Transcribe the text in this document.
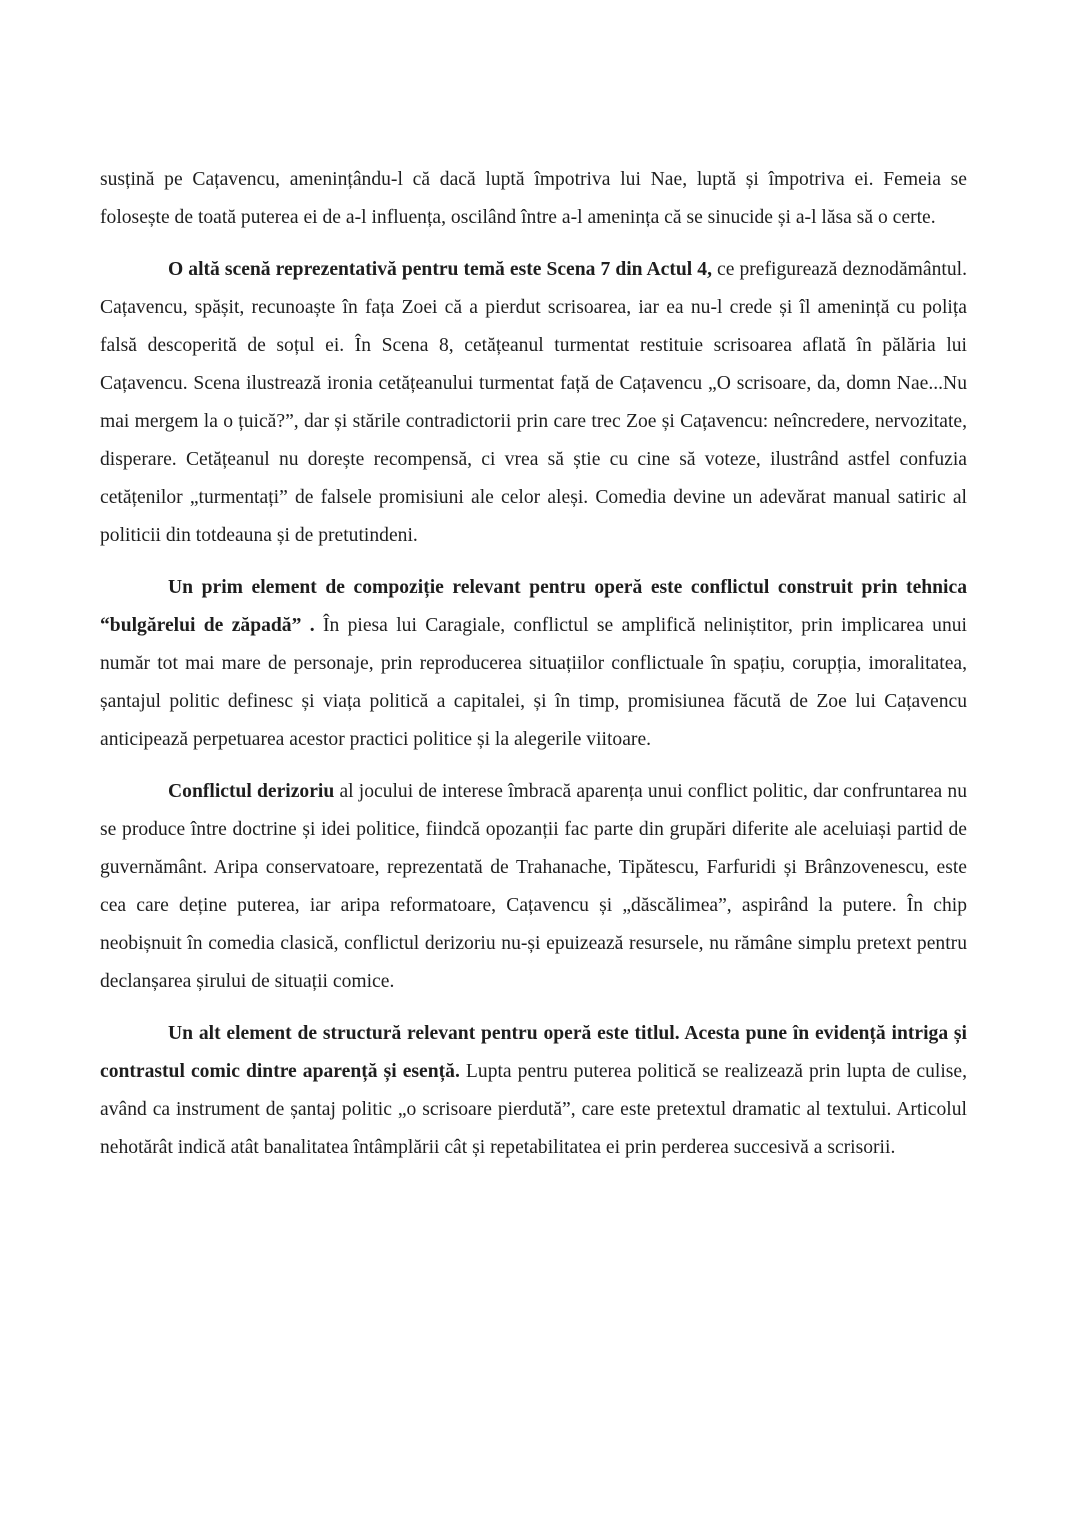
susțină pe Cațavencu, amenințându-l că dacă luptă împotriva lui Nae, luptă și împotriva ei. Femeia se folosește de toată puterea ei de a-l influența, oscilând între a-l amenința că se sinucide și a-l lăsa să o certe.

O altă scenă reprezentativă pentru temă este Scena 7 din Actul 4, ce prefigurează deznodământul. Cațavencu, spășit, recunoaște în fața Zoei că a pierdut scrisoarea, iar ea nu-l crede și îl amenință cu polița falsă descoperită de soțul ei. În Scena 8, cetățeanul turmentat restituie scrisoarea aflată în pălăria lui Cațavencu. Scena ilustrează ironia cetățeanului turmentat față de Cațavencu „O scrisoare, da, domn Nae...Nu mai mergem la o țuică?”, dar și stările contradictorii prin care trec Zoe și Cațavencu: neîncredere, nervozitate, disperare. Cetățeanul nu dorește recompensă, ci vrea să știe cu cine să voteze, ilustrând astfel confuzia cetățenilor „turmentați” de falsele promisiuni ale celor aleși. Comedia devine un adevărat manual satiric al politicii din totdeauna și de pretutindeni.

Un prim element de compoziție relevant pentru operă este conflictul construit prin tehnica “bulgărelui de zăpadă” . În piesa lui Caragiale, conflictul se amplifică neliniștitor, prin implicarea unui număr tot mai mare de personaje, prin reproducerea situațiilor conflictuale în spațiu, corupția, imoralitatea, șantajul politic definesc și viața politică a capitalei, și în timp, promisiunea făcută de Zoe lui Cațavencu anticipează perpetuarea acestor practici politice și la alegerile viitoare.

Conflictul derizoriu al jocului de interese îmbracă aparența unui conflict politic, dar confruntarea nu se produce între doctrine și idei politice, fiindcă opozanții fac parte din grupări diferite ale aceluiași partid de guvernământ. Aripa conservatoare, reprezentată de Trahanache, Tipătescu, Farfuridi și Brânzovenescu, este cea care deține puterea, iar aripa reformatoare, Cațavencu și „dăscălimea”, aspirând la putere. În chip neobișnuit în comedia clasică, conflictul derizoriu nu-și epuizează resursele, nu rămâne simplu pretext pentru declanșarea șirului de situații comice.

Un alt element de structură relevant pentru operă este titlul. Acesta pune în evidență intriga și contrastul comic dintre aparență și esență. Lupta pentru puterea politică se realizează prin lupta de culise, având ca instrument de șantaj politic „o scrisoare pierdută”, care este pretextul dramatic al textului. Articolul nehotărât indică atât banalitatea întâmplării cât și repetabilitatea ei prin perderea succesivă a scrisorii.
